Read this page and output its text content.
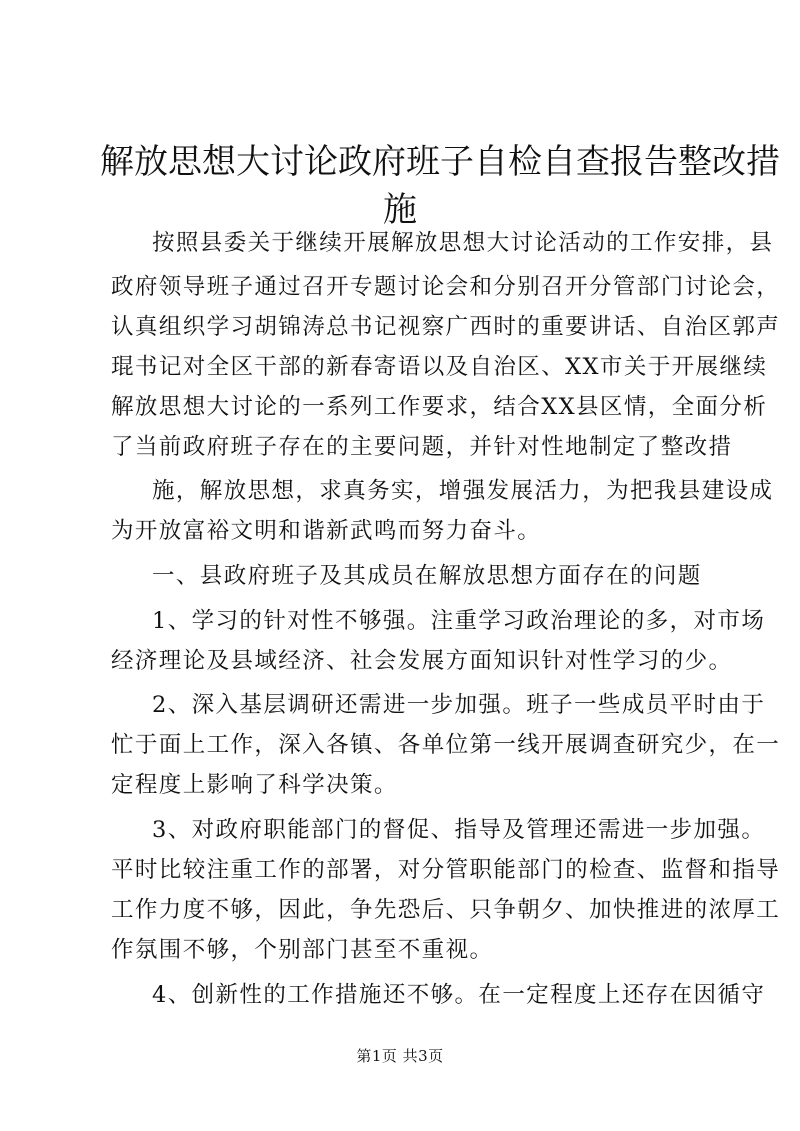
解放思想大讨论政府班子自检自查报告整改措
施
按照县委关于继续开展解放思想大讨论活动的工作安排，县
政府领导班子通过召开专题讨论会和分别召开分管部门讨论会，
认真组织学习胡锦涛总书记视察广西时的重要讲话、自治区郭声
琨书记对全区干部的新春寄语以及自治区、XX市关于开展继续
解放思想大讨论的一系列工作要求，结合XX县区情，全面分析
了当前政府班子存在的主要问题，并针对性地制定了整改措
施，解放思想，求真务实，增强发展活力，为把我县建设成
为开放富裕文明和谐新武鸣而努力奋斗。
一、县政府班子及其成员在解放思想方面存在的问题
1、学习的针对性不够强。注重学习政治理论的多，对市场
经济理论及县域经济、社会发展方面知识针对性学习的少。
2、深入基层调研还需进一步加强。班子一些成员平时由于
忙于面上工作，深入各镇、各单位第一线开展调查研究少，在一
定程度上影响了科学决策。
3、对政府职能部门的督促、指导及管理还需进一步加强。
平时比较注重工作的部署，对分管职能部门的检查、监督和指导
工作力度不够，因此，争先恐后、只争朝夕、加快推进的浓厚工
作氛围不够，个别部门甚至不重视。
4、创新性的工作措施还不够。在一定程度上还存在因循守
第1页 共3页
